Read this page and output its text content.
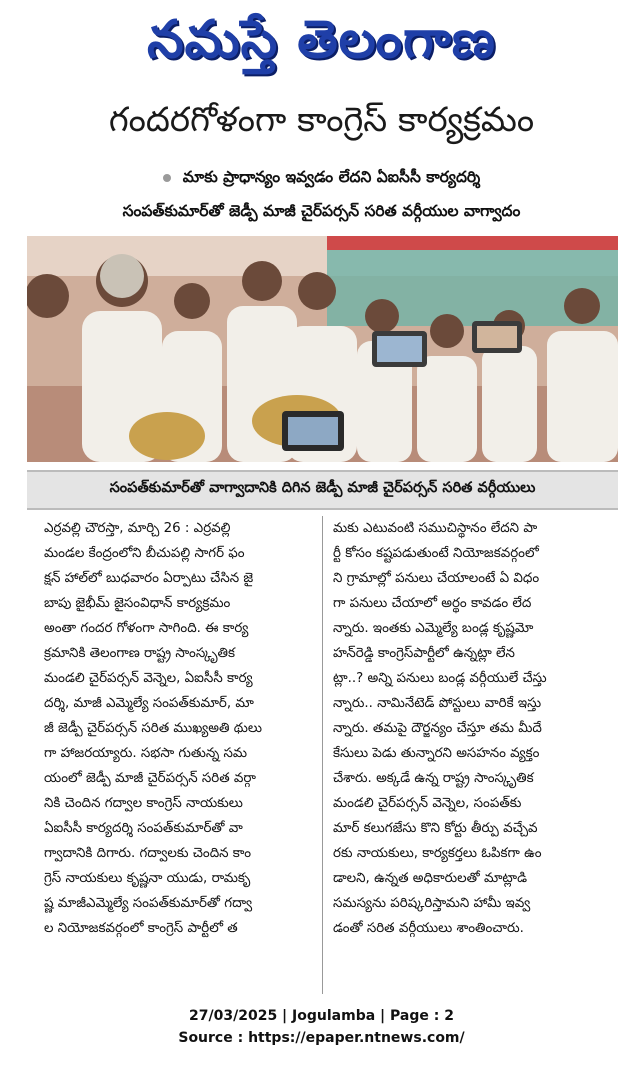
నమస్తే తెలంగాణ
గందరగోళంగా కాంగ్రెస్ కార్యక్రమం
మాకు ప్రాధాన్యం ఇవ్వడం లేదని ఏఐసీసీ కార్యదర్శి
సంపత్‌కుమార్‌తో జెడ్పీ మాజీ చైర్‌పర్సన్ సరిత వర్గీయుల వాగ్వాదం
సంపత్‌కుమార్‌తో వాగ్వాదానికి దిగిన జెడ్పీ మాజీ చైర్‌పర్సన్ సరిత వర్గీయులు
ఎర్రవల్లి చౌరస్తా, మార్చి 26 : ఎర్రవల్లి
మండల కేంద్రంలోని బీచుపల్లి సాగర్ ఫం
క్షన్ హాల్‌లో బుధవారం ఏర్పాటు చేసిన జై
బాపు జైభీమ్ జైసంవిధాన్ కార్యక్రమం
అంతా గందర గోళంగా సాగింది. ఈ కార్య
క్రమానికి తెలంగాణ రాష్ట్ర సాంస్కృతిక
మండలి చైర్‌పర్సన్ వెన్నెల, ఏఐసీసీ కార్య
దర్శి, మాజీ ఎమ్మెల్యే సంపత్‌కుమార్, మా
జీ జెడ్పీ చైర్‌పర్సన్ సరిత ముఖ్యఅతి థులు
గా హాజరయ్యారు. సభసా గుతున్న సమ
యంలో జెడ్పీ మాజీ చైర్‌పర్సన్ సరిత వర్గా
నికి చెందిన గద్వాల కాంగ్రెస్ నాయకులు
ఏఐసీసీ కార్యదర్శి సంపత్‌కుమార్‌తో వా
గ్వాదానికి దిగారు. గద్వాలకు చెందిన కాం
గ్రెస్ నాయకులు కృష్ణనా యుడు, రామకృ
ష్ణ మాజీఎమ్మెల్యే సంపత్‌కుమార్‌తో గద్వా
ల నియోజకవర్గంలో కాంగ్రెస్ పార్టీలో త
మకు ఎటువంటి సముచిస్థానం లేదని పా
ర్టీ కోసం కష్టపడుతుంటే నియోజకవర్గంలో
ని గ్రామాల్లో పనులు చేయాలంటే ఏ విధం
గా పనులు చేయాలో అర్థం కావడం లేద
న్నారు. ఇంతకు ఎమ్మెల్యే బండ్ల కృష్ణమో
హన్‌రెడ్డి కాంగ్రెస్‌పార్టీలో ఉన్నట్లా లేన
ట్లా..? అన్ని పనులు బండ్ల వర్గీయులే చేస్తు
న్నారు.. నామినేటెడ్ పోస్టులు వారికే ఇస్తు
న్నారు. తమపై దౌర్జన్యం చేస్తూ తమ మీదే
కేసులు పెడు తున్నారని అసహనం వ్యక్తం
చేశారు. అక్కడే ఉన్న రాష్ట్ర సాంస్కృతిక
మండలి చైర్‌పర్సన్ వెన్నెల, సంపత్‌కు
మార్ కలుగజేసు కొని కోర్టు తీర్పు వచ్చేవ
రకు నాయకులు, కార్యకర్తలు ఓపికగా ఉం
డాలని, ఉన్నత అధికారులతో మాట్లాడి
సమస్యను పరిష్కరిస్తామని హామీ ఇవ్వ
డంతో సరిత వర్గీయులు శాంతించారు.
27/03/2025 | Jogulamba | Page : 2
Source : https://epaper.ntnews.com/
